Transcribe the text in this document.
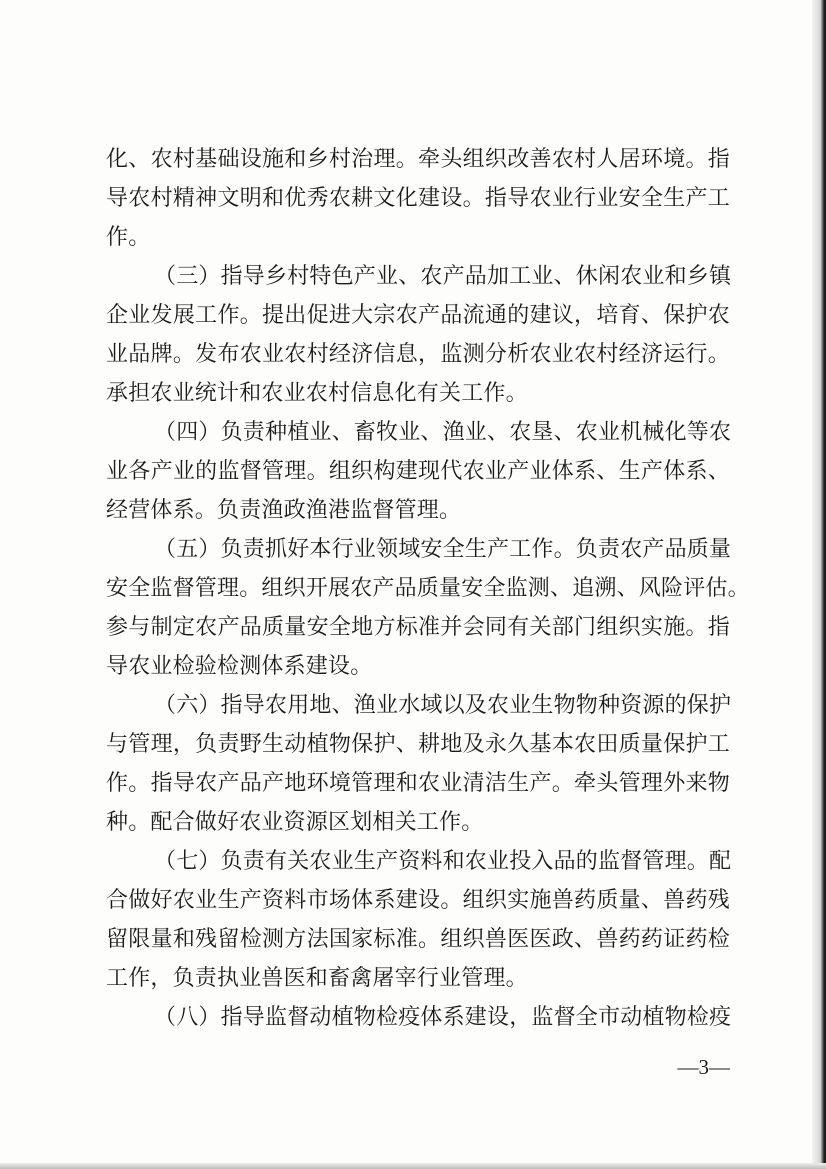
化、农村基础设施和乡村治理。牵头组织改善农村人居环境。指
导农村精神文明和优秀农耕文化建设。指导农业行业安全生产工
作。
（三）指导乡村特色产业、农产品加工业、休闲农业和乡镇
企业发展工作。提出促进大宗农产品流通的建议，培育、保护农
业品牌。发布农业农村经济信息，监测分析农业农村经济运行。
承担农业统计和农业农村信息化有关工作。
（四）负责种植业、畜牧业、渔业、农垦、农业机械化等农
业各产业的监督管理。组织构建现代农业产业体系、生产体系、
经营体系。负责渔政渔港监督管理。
（五）负责抓好本行业领域安全生产工作。负责农产品质量
安全监督管理。组织开展农产品质量安全监测、追溯、风险评估。
参与制定农产品质量安全地方标准并会同有关部门组织实施。指
导农业检验检测体系建设。
（六）指导农用地、渔业水域以及农业生物物种资源的保护
与管理，负责野生动植物保护、耕地及永久基本农田质量保护工
作。指导农产品产地环境管理和农业清洁生产。牵头管理外来物
种。配合做好农业资源区划相关工作。
（七）负责有关农业生产资料和农业投入品的监督管理。配
合做好农业生产资料市场体系建设。组织实施兽药质量、兽药残
留限量和残留检测方法国家标准。组织兽医医政、兽药药证药检
工作，负责执业兽医和畜禽屠宰行业管理。
（八）指导监督动植物检疫体系建设，监督全市动植物检疫
—3—
